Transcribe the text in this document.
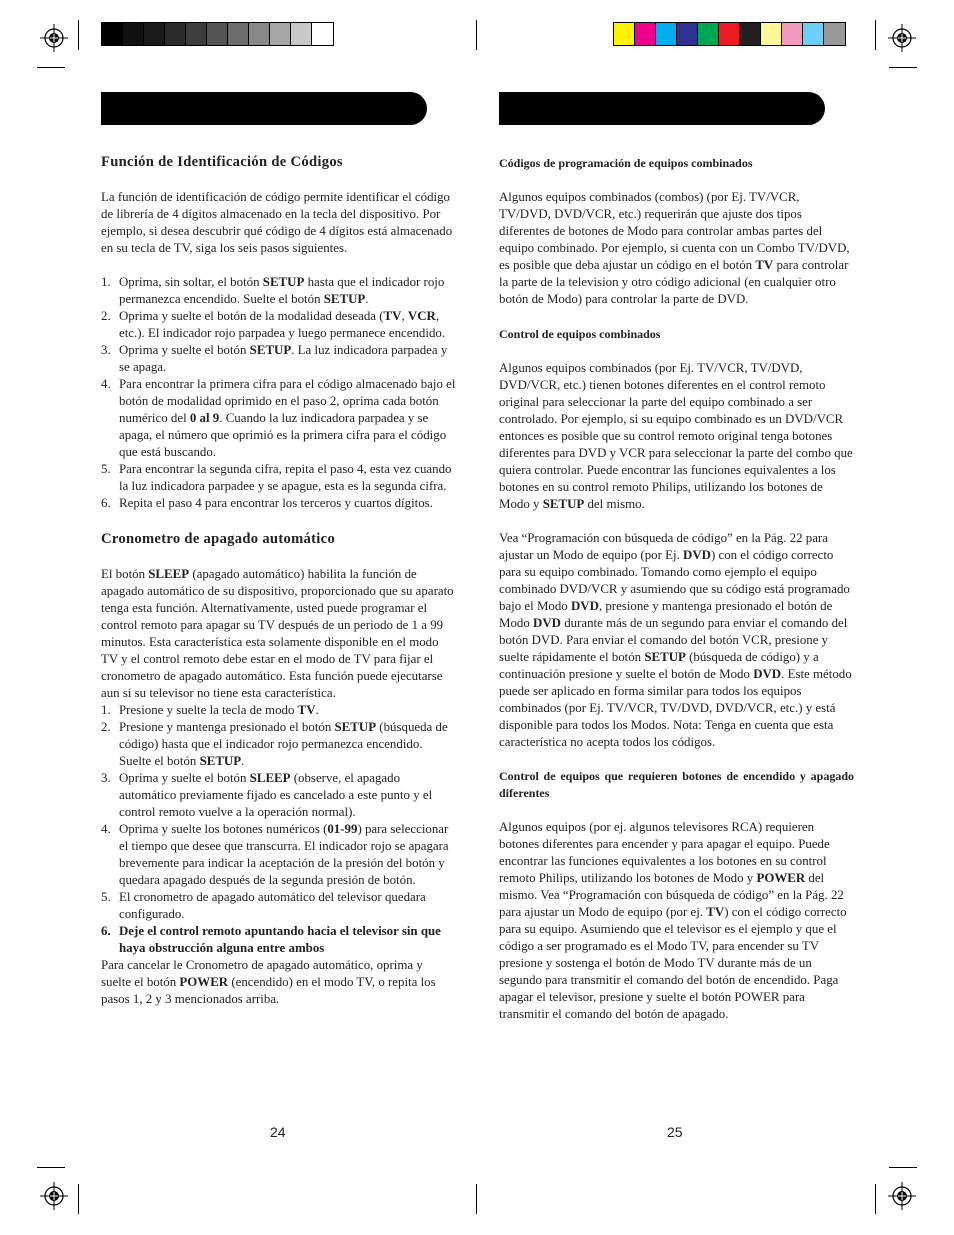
Función de Identificación de Códigos

La función de identificación de código permite identificar el código de librería de 4 dígitos almacenado en la tecla del dispositivo. Por ejemplo, si desea descubrir qué código de 4 dígitos está almacenado en su tecla de TV, siga los seis pasos siguientes.

1. Oprima, sin soltar, el botón SETUP hasta que el indicador rojo permanezca encendido. Suelte el botón SETUP.
2. Oprima y suelte el botón de la modalidad deseada (TV, VCR, etc.). El indicador rojo parpadea y luego permanece encendido.
3. Oprima y suelte el botón SETUP. La luz indicadora parpadea y se apaga.
4. Para encontrar la primera cifra para el código almacenado bajo el botón de modalidad oprimido en el paso 2, oprima cada botón numérico del 0 al 9. Cuando la luz indicadora parpadea y se apaga, el número que oprimió es la primera cifra para el código que está buscando.
5. Para encontrar la segunda cifra, repita el paso 4, esta vez cuando la luz indicadora parpadee y se apague, esta es la segunda cifra.
6. Repita el paso 4 para encontrar los terceros y cuartos dígitos.

Cronometro de apagado automático

El botón SLEEP (apagado automático) habilita la función de apagado automático de su dispositivo, proporcionado que su aparato tenga esta función. Alternativamente, usted puede programar el control remoto para apagar su TV después de un periodo de 1 a 99 minutos. Esta característica esta solamente disponible en el modo TV y el control remoto debe estar en el modo de TV para fijar el cronometro de apagado automático. Esta función puede ejecutarse aun si su televisor no tiene esta característica.

1. Presione y suelte la tecla de modo TV.
2. Presione y mantenga presionado el botón SETUP (búsqueda de código) hasta que el indicador rojo permanezca encendido. Suelte el botón SETUP.
3. Oprima y suelte el botón SLEEP (observe, el apagado automático previamente fijado es cancelado a este punto y el control remoto vuelve a la operación normal).
4. Oprima y suelte los botones numéricos (01-99) para seleccionar el tiempo que desee que transcurra. El indicador rojo se apagara brevemente para indicar la aceptación de la presión del botón y quedara apagado después de la segunda presión de botón.
5. El cronometro de apagado automático del televisor quedara configurado.
6. Deje el control remoto apuntando hacia el televisor sin que haya obstrucción alguna entre ambos

Para cancelar le Cronometro de apagado automático, oprima y suelte el botón POWER (encendido) en el modo TV, o repita los pasos 1, 2 y 3 mencionados arriba.

24

Códigos de programación de equipos combinados

Algunos equipos combinados (combos) (por Ej. TV/VCR, TV/DVD, DVD/VCR, etc.) requerirán que ajuste dos tipos diferentes de botones de Modo para controlar ambas partes del equipo combinado. Por ejemplo, si cuenta con un Combo TV/DVD, es posible que deba ajustar un código en el botón TV para controlar la parte de la television y otro código adicional (en cualquier otro botón de Modo) para controlar la parte de DVD.

Control de equipos combinados

Algunos equipos combinados (por Ej. TV/VCR, TV/DVD, DVD/VCR, etc.) tienen botones diferentes en el control remoto original para seleccionar la parte del equipo combinado a ser controlado. Por ejemplo, si su equipo combinado es un DVD/VCR entonces es posible que su control remoto original tenga botones diferentes para DVD y VCR para seleccionar la parte del combo que quiera controlar. Puede encontrar las funciones equivalentes a los botones en su control remoto Philips, utilizando los botones de Modo y SETUP del mismo.

Vea “Programación con búsqueda de código” en la Pág. 22 para ajustar un Modo de equipo (por Ej. DVD) con el código correcto para su equipo combinado. Tomando como ejemplo el equipo combinado DVD/VCR y asumiendo que su código está programado bajo el Modo DVD, presione y mantenga presionado el botón de Modo DVD durante más de un segundo para enviar el comando del botón DVD. Para enviar el comando del botón VCR, presione y suelte rápidamente el botón SETUP (búsqueda de código) y a continuación presione y suelte el botón de Modo DVD. Este método puede ser aplicado en forma similar para todos los equipos combinados (por Ej. TV/VCR, TV/DVD, DVD/VCR, etc.) y está disponible para todos los Modos. Nota: Tenga en cuenta que esta característica no acepta todos los códigos.

Control de equipos que requieren botones de encendido y apagado diferentes

Algunos equipos (por ej. algunos televisores RCA) requieren botones diferentes para encender y para apagar el equipo. Puede encontrar las funciones equivalentes a los botones en su control remoto Philips, utilizando los botones de Modo y POWER del mismo. Vea “Programación con búsqueda de código” en la Pág. 22 para ajustar un Modo de equipo (por ej. TV) con el código correcto para su equipo. Asumiendo que el televisor es el ejemplo y que el código a ser programado es el Modo TV, para encender su TV presione y sostenga el botón de Modo TV durante más de un segundo para transmitir el comando del botón de encendido. Paga apagar el televisor, presione y suelte el botón POWER para transmitir el comando del botón de apagado.

25
